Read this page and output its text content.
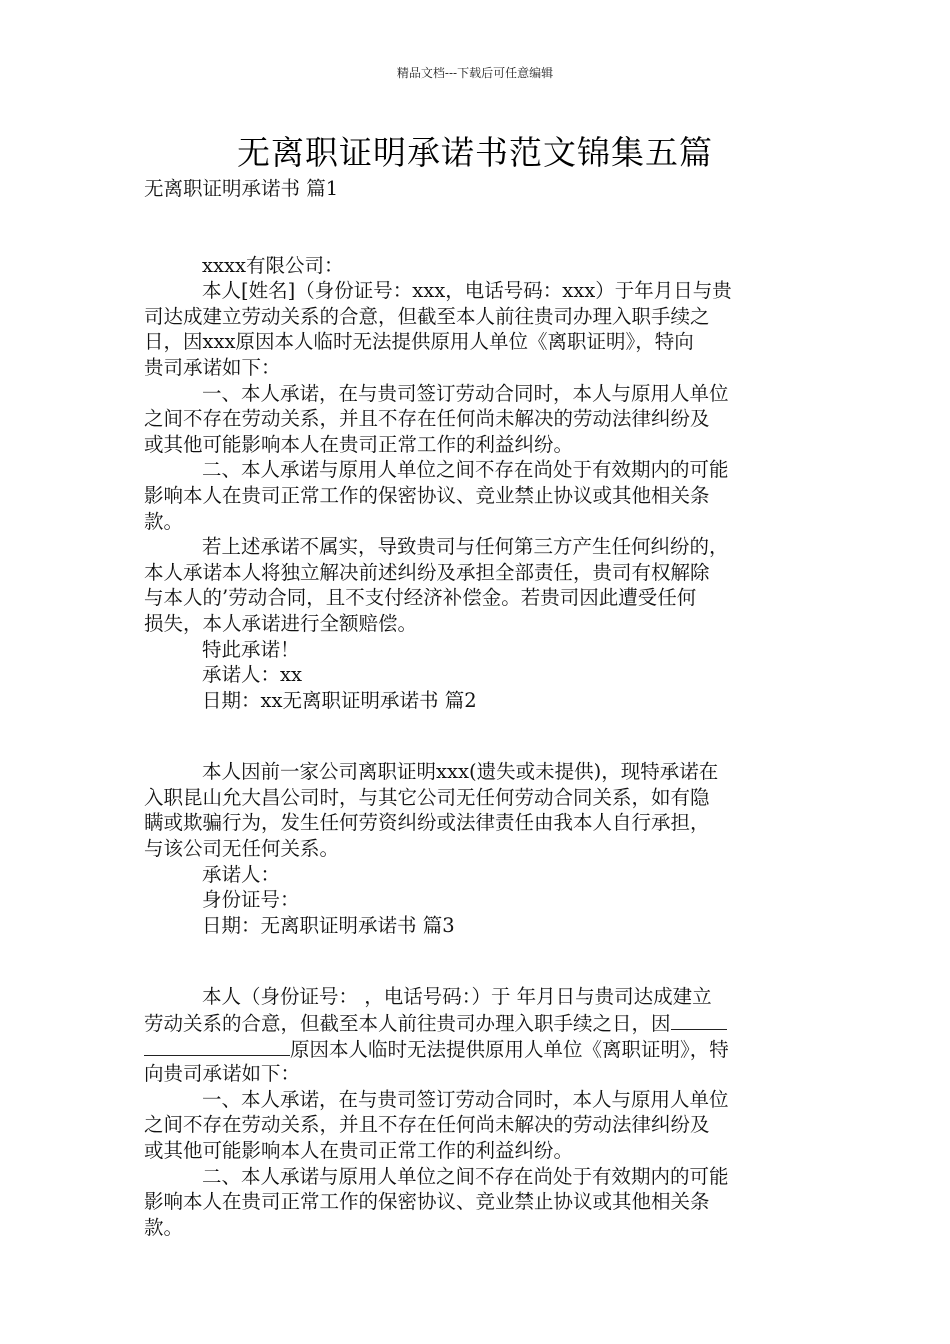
精品文档---下载后可任意编辑
无离职证明承诺书范文锦集五篇
无离职证明承诺书 篇1
xxxx有限公司：
本人[姓名]（身份证号：xxx，电话号码：xxx）于年月日与贵
司达成建立劳动关系的合意，但截至本人前往贵司办理入职手续之
日，因xxx原因本人临时无法提供原用人单位《离职证明》，特向
贵司承诺如下：
一、本人承诺，在与贵司签订劳动合同时，本人与原用人单位
之间不存在劳动关系，并且不存在任何尚未解决的劳动法律纠纷及
或其他可能影响本人在贵司正常工作的利益纠纷。
二、本人承诺与原用人单位之间不存在尚处于有效期内的可能
影响本人在贵司正常工作的保密协议、竞业禁止协议或其他相关条
款。
若上述承诺不属实，导致贵司与任何第三方产生任何纠纷的，
本人承诺本人将独立解决前述纠纷及承担全部责任，贵司有权解除
与本人的’劳动合同，且不支付经济补偿金。若贵司因此遭受任何
损失，本人承诺进行全额赔偿。
特此承诺！
承诺人：xx
日期：xx无离职证明承诺书 篇2
本人因前一家公司离职证明xxx(遗失或未提供)，现特承诺在
入职昆山允大昌公司时，与其它公司无任何劳动合同关系，如有隐
瞒或欺骗行为，发生任何劳资纠纷或法律责任由我本人自行承担，
与该公司无任何关系。
承诺人：
身份证号：
日期：无离职证明承诺书 篇3
本人（身份证号： ，电话号码：）于 年月日与贵司达成建立
劳动关系的合意，但截至本人前往贵司办理入职手续之日，因
原因本人临时无法提供原用人单位《离职证明》，特
向贵司承诺如下：
一、本人承诺，在与贵司签订劳动合同时，本人与原用人单位
之间不存在劳动关系，并且不存在任何尚未解决的劳动法律纠纷及
或其他可能影响本人在贵司正常工作的利益纠纷。
二、本人承诺与原用人单位之间不存在尚处于有效期内的可能
影响本人在贵司正常工作的保密协议、竞业禁止协议或其他相关条
款。
